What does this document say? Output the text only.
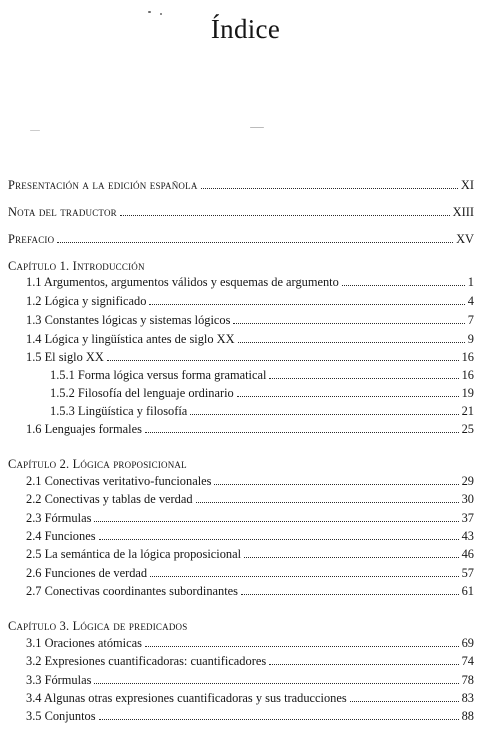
Índice
Presentación a la edición española	XI
Nota del traductor	XIII
Prefacio	XV
Capítulo 1. Introducción
1.1 Argumentos, argumentos válidos y esquemas de argumento	1
1.2 Lógica y significado	4
1.3 Constantes lógicas y sistemas lógicos	7
1.4 Lógica y lingüística antes de siglo XX	9
1.5 El siglo XX	16
1.5.1 Forma lógica versus forma gramatical	16
1.5.2 Filosofía del lenguaje ordinario	19
1.5.3 Lingüística y filosofía	21
1.6 Lenguajes formales	25
Capítulo 2. Lógica proposicional
2.1 Conectivas veritativo-funcionales	29
2.2 Conectivas y tablas de verdad	30
2.3 Fórmulas	37
2.4 Funciones	43
2.5 La semántica de la lógica proposicional	46
2.6 Funciones de verdad	57
2.7 Conectivas coordinantes subordinantes	61
Capítulo 3. Lógica de predicados
3.1 Oraciones atómicas	69
3.2 Expresiones cuantificadoras: cuantificadores	74
3.3 Fórmulas	78
3.4 Algunas otras expresiones cuantificadoras y sus traducciones	83
3.5 Conjuntos	88
